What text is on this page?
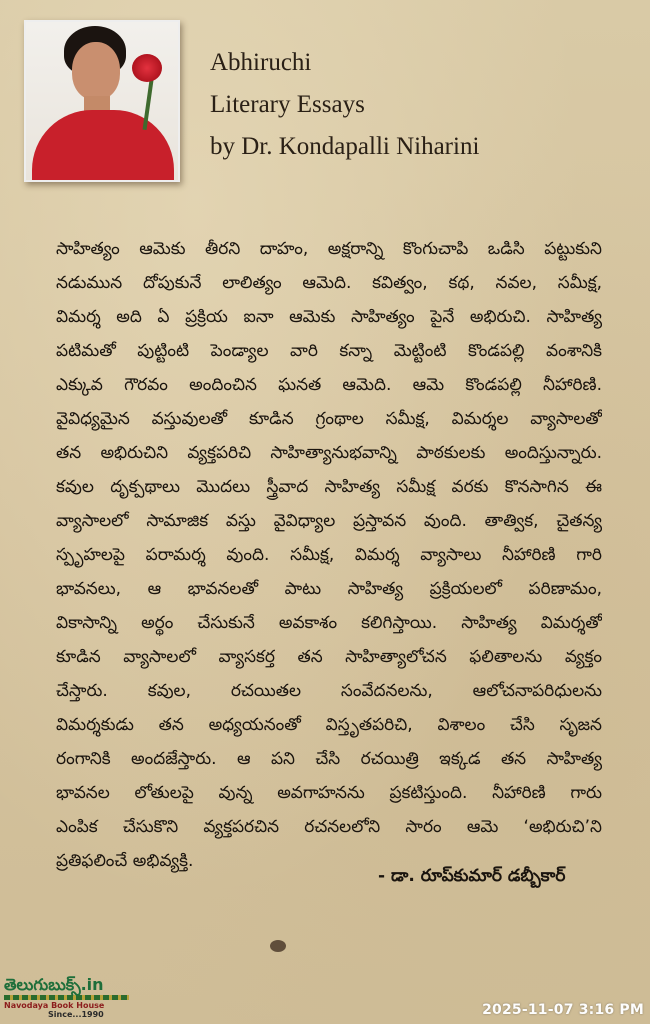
Abhiruchi
Literary Essays
by Dr. Kondapalli Niharini
సాహిత్యం ఆమెకు తీరని దాహం, అక్షరాన్ని కొంగుచాపి ఒడిసి పట్టుకుని
నడుమున దోపుకునే లాలిత్యం ఆమెది. కవిత్వం, కథ, నవల, సమీక్ష,
విమర్శ అది ఏ ప్రక్రియ ఐనా ఆమెకు సాహిత్యం పైనే అభిరుచి. సాహిత్య
పటిమతో పుట్టింటి పెండ్యాల వారి కన్నా మెట్టింటి కొండపల్లి వంశానికి
ఎక్కువ గౌరవం అందించిన ఘనత ఆమెది. ఆమె కొండపల్లి నీహారిణి.
వైవిధ్యమైన వస్తువులతో కూడిన గ్రంథాల సమీక్ష, విమర్శల వ్యాసాలతో
తన అభిరుచిని వ్యక్తపరిచి సాహిత్యానుభవాన్ని పాఠకులకు అందిస్తున్నారు.
కవుల దృక్పథాలు మొదలు స్త్రీవాద సాహిత్య సమీక్ష వరకు కొనసాగిన ఈ
వ్యాసాలలో సామాజిక వస్తు వైవిధ్యాల ప్రస్తావన వుంది. తాత్విక, చైతన్య
స్పృహలపై పరామర్శ వుంది. సమీక్ష, విమర్శ వ్యాసాలు నీహారిణి గారి
భావనలు, ఆ భావనలతో పాటు సాహిత్య ప్రక్రియలలో పరిణామం,
వికాసాన్ని అర్థం చేసుకునే అవకాశం కలిగిస్తాయి. సాహిత్య విమర్శతో
కూడిన వ్యాసాలలో వ్యాసకర్త తన సాహిత్యాలోచన ఫలితాలను వ్యక్తం
చేస్తారు. కవుల, రచయితల సంవేదనలను, ఆలోచనాపరిధులను
విమర్శకుడు తన అధ్యయనంతో విస్తృతపరిచి, విశాలం చేసి సృజన
రంగానికి అందజేస్తారు. ఆ పని చేసి రచయిత్రి ఇక్కడ తన సాహిత్య
భావనల లోతులపై వున్న అవగాహనను ప్రకటిస్తుంది. నీహారిణి గారు
ఎంపిక చేసుకొని వ్యక్తపరచిన రచనలలోని సారం ఆమె ‘అభిరుచి’ని
ప్రతిఫలించే అభివ్యక్తి.
- డా. రూప్‌కుమార్ డబ్బీకార్
తెలుగుబుక్స్.in
Navodaya Book House
Since...1990	2025-11-07 3:16 PM
